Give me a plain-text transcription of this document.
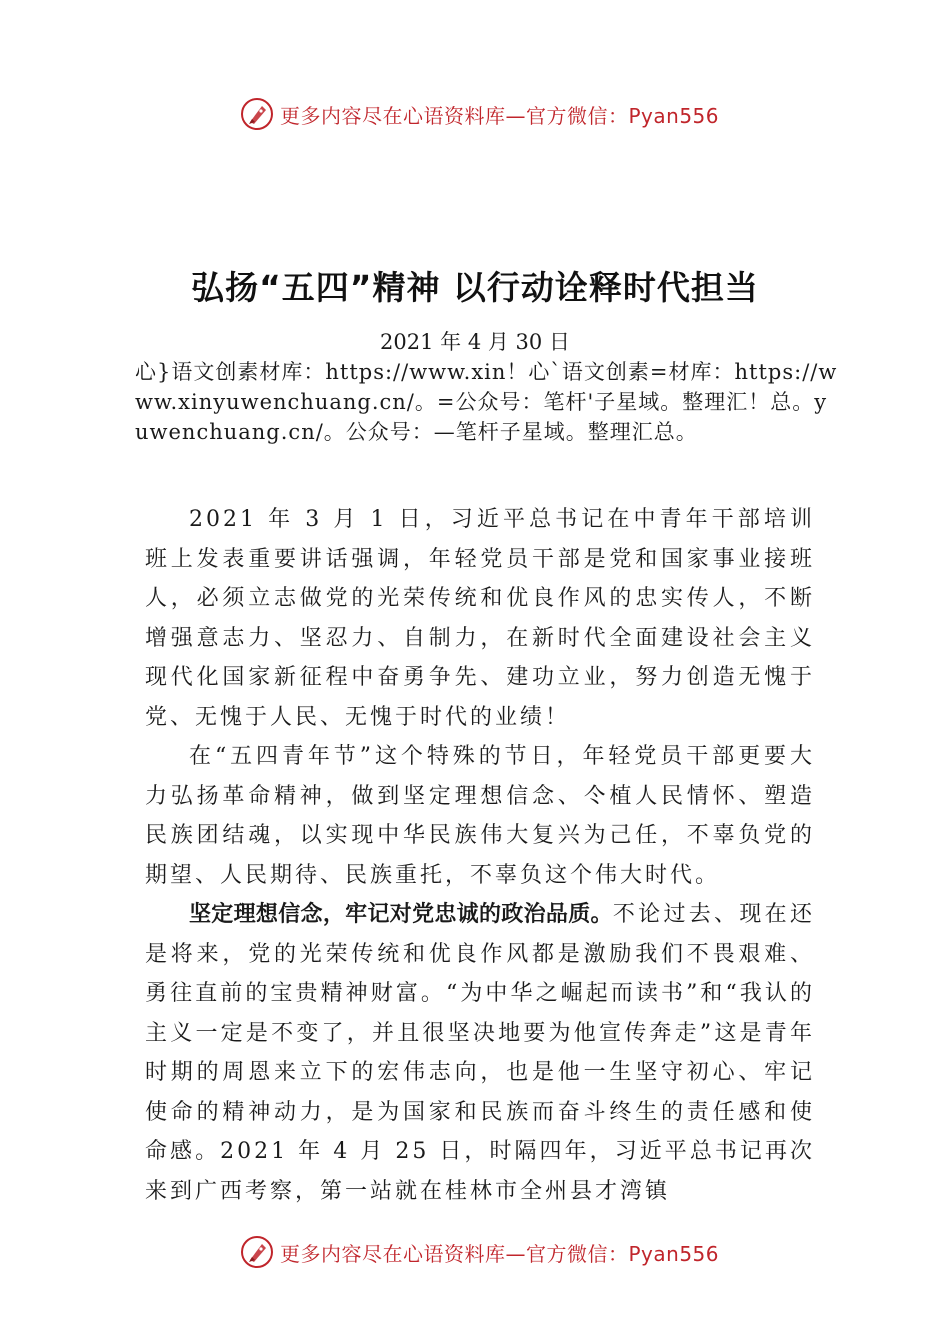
更多内容尽在心语资料库—官方微信：Pyan556
弘扬“五四”精神 以行动诠释时代担当
2021 年 4 月 30 日
心}语文创素材库：https://www.xin！心`语文创素=材库：https://www.xinyuwenchuang.cn/。=公众号：笔杆'子星域。整理汇！总。yuwenchuang.cn/。公众号：—笔杆子星域。整理汇总。
2021 年 3 月 1 日，习近平总书记在中青年干部培训班上发表重要讲话强调，年轻党员干部是党和国家事业接班人，必须立志做党的光荣传统和优良作风的忠实传人，不断增强意志力、坚忍力、自制力，在新时代全面建设社会主义现代化国家新征程中奋勇争先、建功立业，努力创造无愧于党、无愧于人民、无愧于时代的业绩！
在“五四青年节”这个特殊的节日，年轻党员干部更要大力弘扬革命精神，做到坚定理想信念、仒植人民情怀、塑造民族团结魂，以实现中华民族伟大复兴为己任，不辜负党的期望、人民期待、民族重托，不辜负这个伟大时代。
坚定理想信念，牢记对党忠诚的政治品质。不论过去、现在还是将来，党的光荣传统和优良作风都是激励我们不畏艰难、勇往直前的宝贵精神财富。“为中华之崛起而读书”和“我认的主义一定是不变了，并且很坚决地要为他宣传奔走”这是青年时期的周恩来立下的宏伟志向，也是他一生坚守初心、牢记使命的精神动力，是为国家和民族而奋斗终生的责任感和使命感。2021 年 4 月 25 日，时隔四年，习近平总书记再次来到广西考察，第一站就在桂林市全州县才湾镇
更多内容尽在心语资料库—官方微信：Pyan556
